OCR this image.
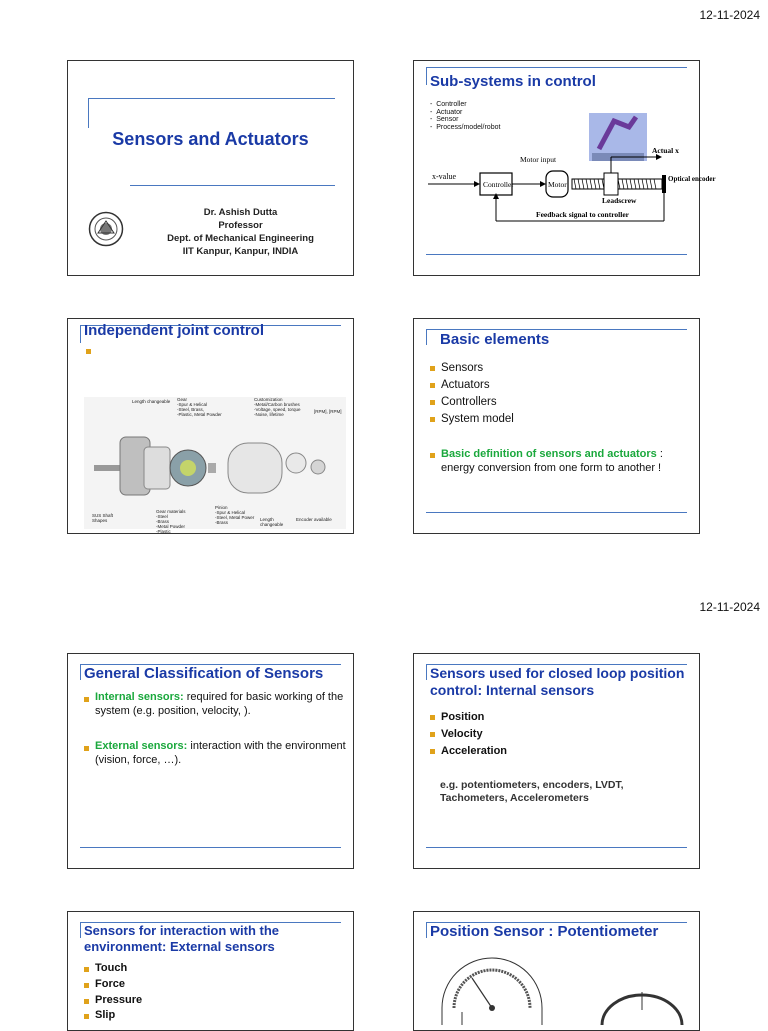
12-11-2024
Sensors and Actuators
Dr. Ashish Dutta
Professor
Dept. of Mechanical Engineering
IIT Kanpur, Kanpur, INDIA
Sub-systems in control
-  Controller
-  Actuator
-  Sensor
-  Process/model/robot
x-value
Controller
Motor input
Motor
Leadscrew
Actual x
Optical encoder
Feedback signal to controller
Independent joint control
Length changeable Gear
-Spur & Helical
-Steel, Brass,
-Plastic, Metal Powder
Customization
-Metal/Carbon brushes
-Voltage, speed, torque
-Noise, lifetime
[RPM], [RPM]
Gear materials
-Steel
-Brass
-Metal Powder
-Plastic
Pinion
-Spur & Helical
-Steel, Metal Power
-Brass
Length changeable
Encoder available
SUS Shaft Shapes
Basic elements
Sensors
Actuators
Controllers
System model
Basic definition of sensors and actuators : energy conversion from one form to another !
12-11-2024
General Classification of Sensors
Internal sensors: required for basic working of the system (e.g. position, velocity, ).
External sensors: interaction with the environment (vision, force, …).
Sensors used for closed loop position control: Internal sensors
Position
Velocity
Acceleration
e.g. potentiometers, encoders, LVDT, Tachometers, Accelerometers
Sensors for interaction with the environment: External sensors
Touch
Force
Pressure
Slip
Position Sensor : Potentiometer
